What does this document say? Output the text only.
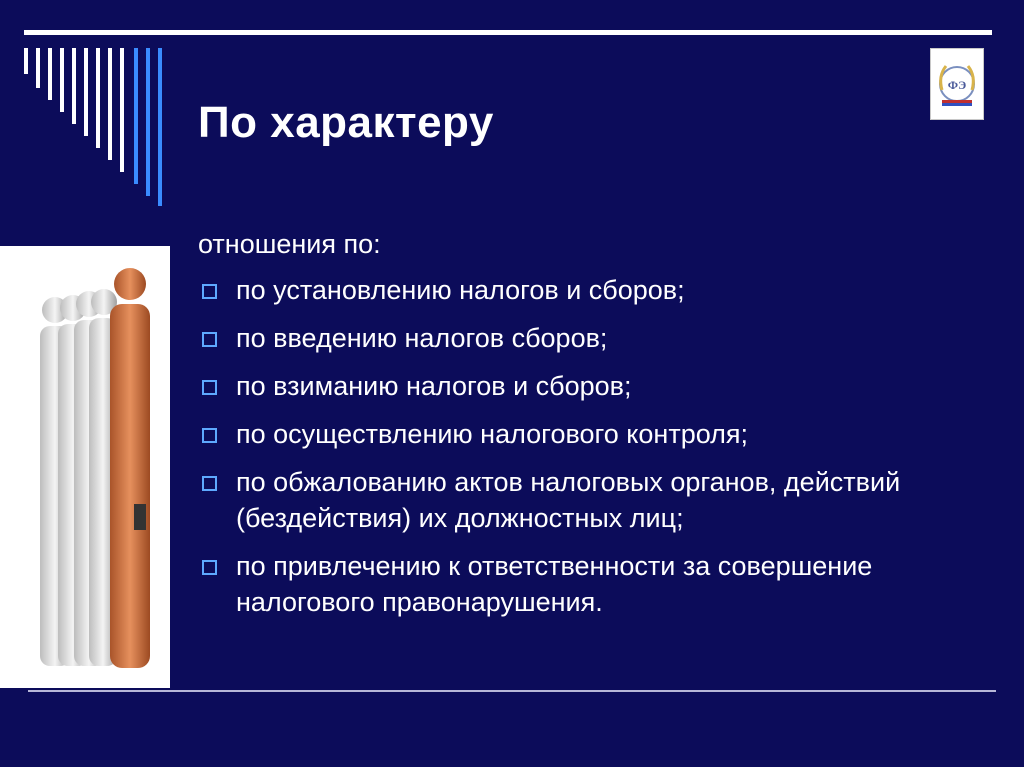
ФЭ
По характеру
отношения по:
по установлению налогов и сборов;
по введению налогов сборов;
по взиманию налогов и сборов;
по осуществлению налогового контроля;
по обжалованию актов налоговых органов, действий (бездействия) их должностных лиц;
по привлечению к ответственности за совершение налогового правонарушения.
